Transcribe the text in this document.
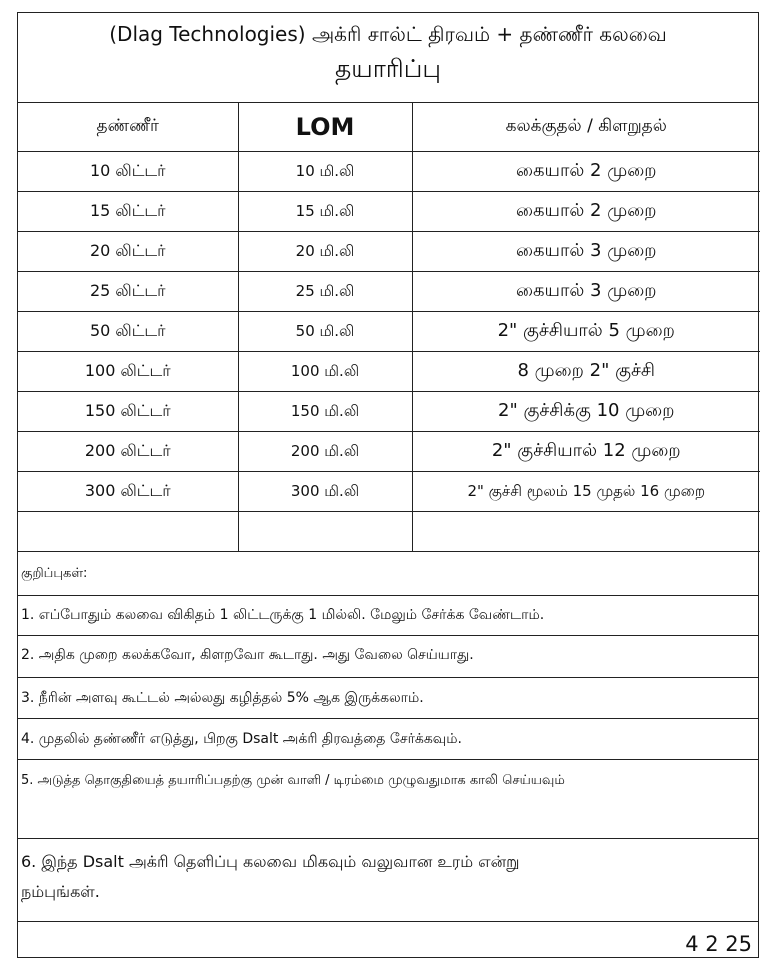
(Dlag Technologies) அக்ரி சால்ட் திரவம் + தண்ணீர் கலவை
தயாரிப்பு
தண்ணீர்	LOM	கலக்குதல் / கிளறுதல்
10 லிட்டர்	10 மி.லி	கையால் 2 முறை
15 லிட்டர்	15 மி.லி	கையால் 2 முறை
20 லிட்டர்	20 மி.லி	கையால் 3 முறை
25 லிட்டர்	25 மி.லி	கையால் 3 முறை
50 லிட்டர்	50 மி.லி	2" குச்சியால் 5 முறை
100 லிட்டர்	100 மி.லி	8 முறை 2" குச்சி
150 லிட்டர்	150 மி.லி	2" குச்சிக்கு 10 முறை
200 லிட்டர்	200 மி.லி	2" குச்சியால் 12 முறை
300 லிட்டர்	300 மி.லி	2" குச்சி மூலம் 15 முதல் 16 முறை

குறிப்புகள்:
1. எப்போதும் கலவை விகிதம் 1 லிட்டருக்கு 1 மில்லி. மேலும் சேர்க்க வேண்டாம்.
2. அதிக முறை கலக்கவோ, கிளறவோ கூடாது. அது வேலை செய்யாது.
3. நீரின் அளவு கூட்டல் அல்லது கழித்தல் 5% ஆக இருக்கலாம்.
4. முதலில் தண்ணீர் எடுத்து, பிறகு Dsalt அக்ரி திரவத்தை சேர்க்கவும்.
5. அடுத்த தொகுதியைத் தயாரிப்பதற்கு முன் வாளி / டிரம்மை முழுவதுமாக காலி செய்யவும்
6. இந்த Dsalt அக்ரி தெளிப்பு கலவை மிகவும் வலுவான உரம் என்று
நம்புங்கள்.
4 2 25
